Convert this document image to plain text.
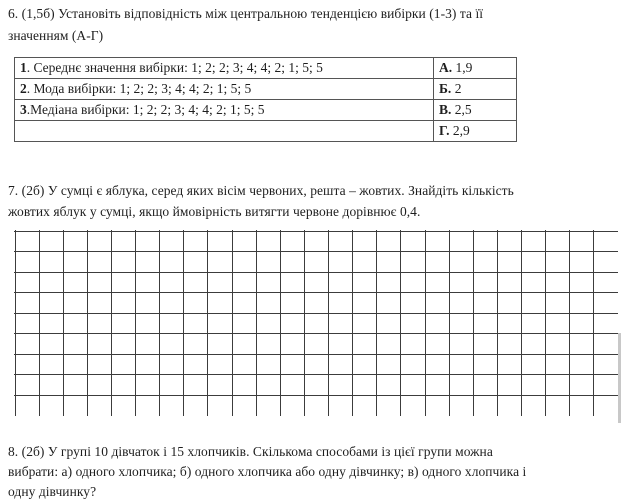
6. (1,5б) Установіть відповідність між центральною тенденцією вибірки (1-3) та її
значенням (А-Г)
1. Середнє значення вибірки: 1; 2; 2; 3; 4; 4; 2; 1; 5; 5	А. 1,9
2. Мода вибірки: 1; 2; 2; 3; 4; 4; 2; 1; 5; 5	Б. 2
3.Медіана вибірки: 1; 2; 2; 3; 4; 4; 2; 1; 5; 5	В. 2,5
	Г. 2,9
7. (2б) У сумці є яблука, серед яких вісім червоних, решта – жовтих. Знайдіть кількість
жовтих яблук у сумці, якщо ймовірність витягти червоне дорівнює 0,4.
8. (2б) У групі 10 дівчаток і 15 хлопчиків. Скількома способами із цієї групи можна
вибрати: а) одного хлопчика; б) одного хлопчика або одну дівчинку; в) одного хлопчика і
одну дівчинку?
